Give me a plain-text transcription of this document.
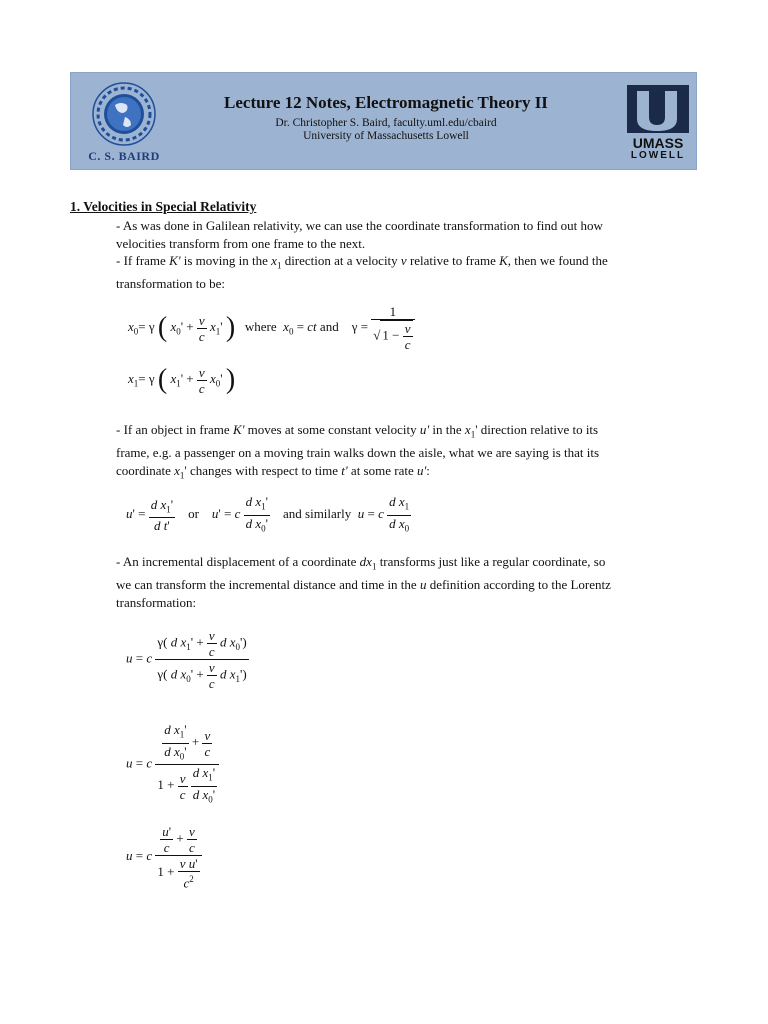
C. S. BAIRD
Lecture 12 Notes, Electromagnetic Theory II
Dr. Christopher S. Baird, faculty.uml.edu/cbaird
University of Massachusetts Lowell	UMASS
LOWELL
1. Velocities in Special Relativity
- As was done in Galilean relativity, we can use the coordinate transformation to find out how
velocities transform from one frame to the next.
- If frame K' is moving in the $x_1$ direction at a velocity v relative to frame K, then we found the
transformation to be:
$x_0= \gamma$ ( $x_0' + \frac{v}{c} x_1'$ ) where $x_0$ = ct and    $\gamma = \frac{1}{√ 1 - \frac{v}{c}}$
$x_1= \gamma$ ( $x_1' + \frac{v}{c} x_0'$ )
- If an object in frame K' moves at some constant velocity u' in the $x_1'$ direction relative to its
frame, e.g. a passenger on a moving train walks down the aisle, what we are saying is that its
coordinate $x_1'$ changes with respect to time t' at some rate u':
$u' = \frac{d x_1'}{\text{d t'}}$ or u' = c $\frac{d x_1'}{d x_0'}$ and similarly u = c $\frac{d x_1}{d x_0}$
- An incremental displacement of a coordinate $dx_1$ transforms just like a regular coordinate, so
we can transform the incremental distance and time in the u definition according to the Lorentz
transformation:
u = c $\frac{\gamma( d x_1' + \frac{v}{c} d x_0')}{\gamma( d x_0' + \frac{v}{c} d x_1')}$
u = c $\frac{d x_1'}{d x_0'} + \frac{v}{c}$
$1 + \frac{v}{c}$
$\frac{d x_1'}{d x_0'}$
u = c $\frac{\frac{u'}{c} + \frac{v}{c}}{1 + \frac{\text{v u'}}{c^2}}$
